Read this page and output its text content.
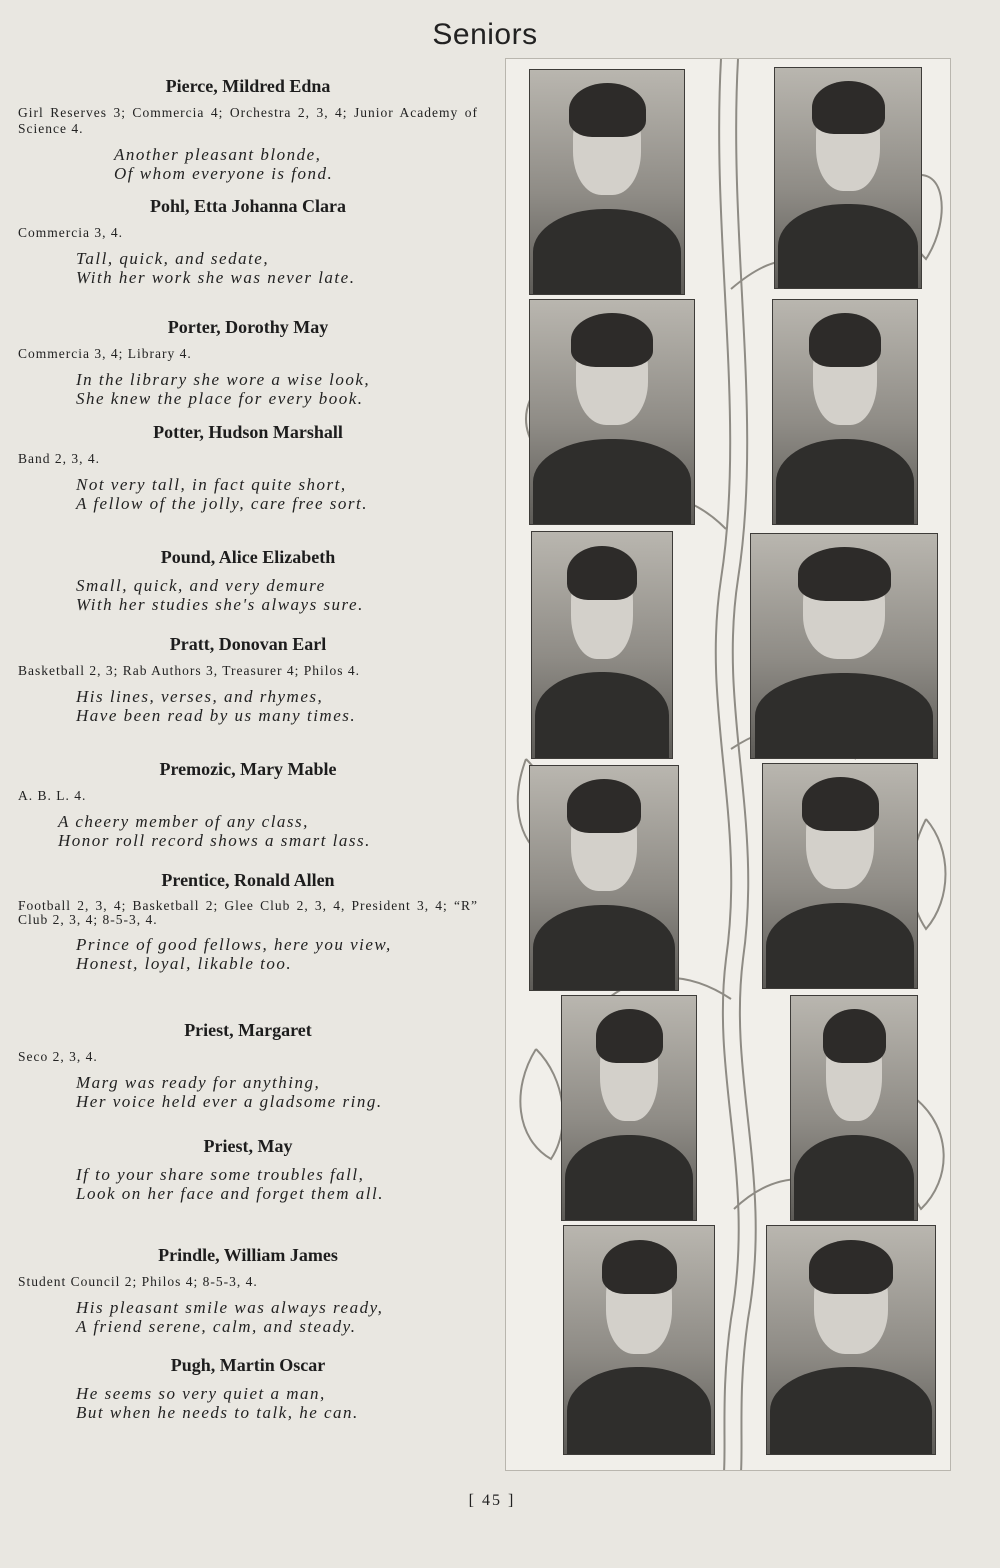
Seniors
Pierce, Mildred Edna
Girl Reserves 3; Commercia 4; Orchestra 2, 3, 4; Junior Academy of Science 4.
Another pleasant blonde,
Of whom everyone is fond.
Pohl, Etta Johanna Clara
Commercia 3, 4.
Tall, quick, and sedate,
With her work she was never late.
Porter, Dorothy May
Commercia 3, 4; Library 4.
In the library she wore a wise look,
She knew the place for every book.
Potter, Hudson Marshall
Band 2, 3, 4.
Not very tall, in fact quite short,
A fellow of the jolly, care free sort.
Pound, Alice Elizabeth
Small, quick, and very demure
With her studies she's always sure.
Pratt, Donovan Earl
Basketball 2, 3; Rab Authors 3, Treasurer 4; Philos 4.
His lines, verses, and rhymes,
Have been read by us many times.
Premozic, Mary Mable
A. B. L. 4.
A cheery member of any class,
Honor roll record shows a smart lass.
Prentice, Ronald Allen
Football 2, 3, 4; Basketball 2; Glee Club 2, 3, 4, President 3, 4; “R” Club 2, 3, 4; 8-5-3, 4.
Prince of good fellows, here you view,
Honest, loyal, likable too.
Priest, Margaret
Seco 2, 3, 4.
Marg was ready for anything,
Her voice held ever a gladsome ring.
Priest, May
If to your share some troubles fall,
Look on her face and forget them all.
Prindle, William James
Student Council 2; Philos 4; 8-5-3, 4.
His pleasant smile was always ready,
A friend serene, calm, and steady.
Pugh, Martin Oscar
He seems so very quiet a man,
But when he needs to talk, he can.
[ 45 ]
